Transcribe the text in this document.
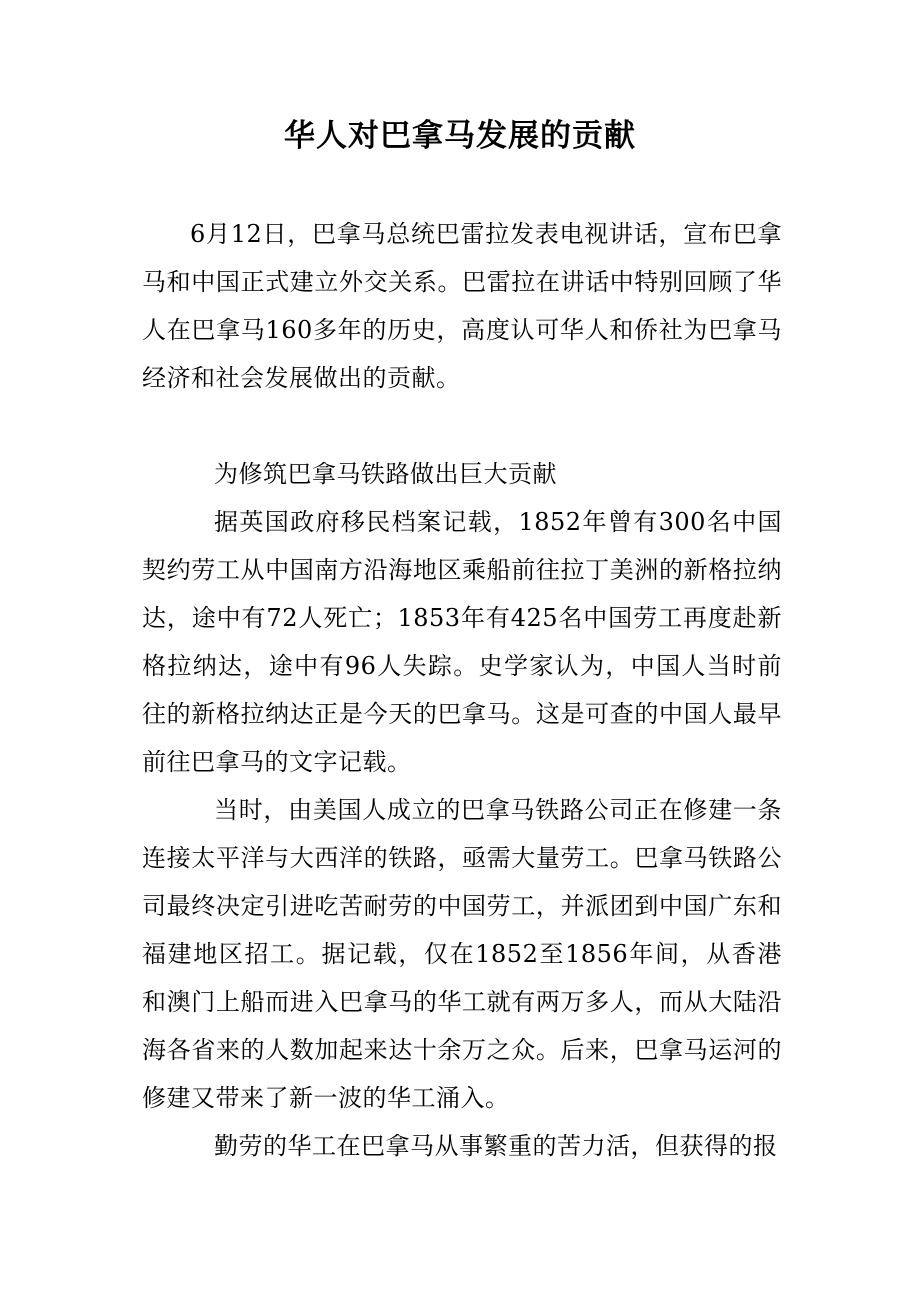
华人对巴拿马发展的贡献

6月12日，巴拿马总统巴雷拉发表电视讲话，宣布巴拿马和中国正式建立外交关系。巴雷拉在讲话中特别回顾了华人在巴拿马160多年的历史，高度认可华人和侨社为巴拿马经济和社会发展做出的贡献。

为修筑巴拿马铁路做出巨大贡献

据英国政府移民档案记载，1852年曾有300名中国契约劳工从中国南方沿海地区乘船前往拉丁美洲的新格拉纳达，途中有72人死亡；1853年有425名中国劳工再度赴新格拉纳达，途中有96人失踪。史学家认为，中国人当时前往的新格拉纳达正是今天的巴拿马。这是可查的中国人最早前往巴拿马的文字记载。

当时，由美国人成立的巴拿马铁路公司正在修建一条连接太平洋与大西洋的铁路，亟需大量劳工。巴拿马铁路公司最终决定引进吃苦耐劳的中国劳工，并派团到中国广东和福建地区招工。据记载，仅在1852至1856年间，从香港和澳门上船而进入巴拿马的华工就有两万多人，而从大陆沿海各省来的人数加起来达十余万之众。后来，巴拿马运河的修建又带来了新一波的华工涌入。

勤劳的华工在巴拿马从事繁重的苦力活，但获得的报
